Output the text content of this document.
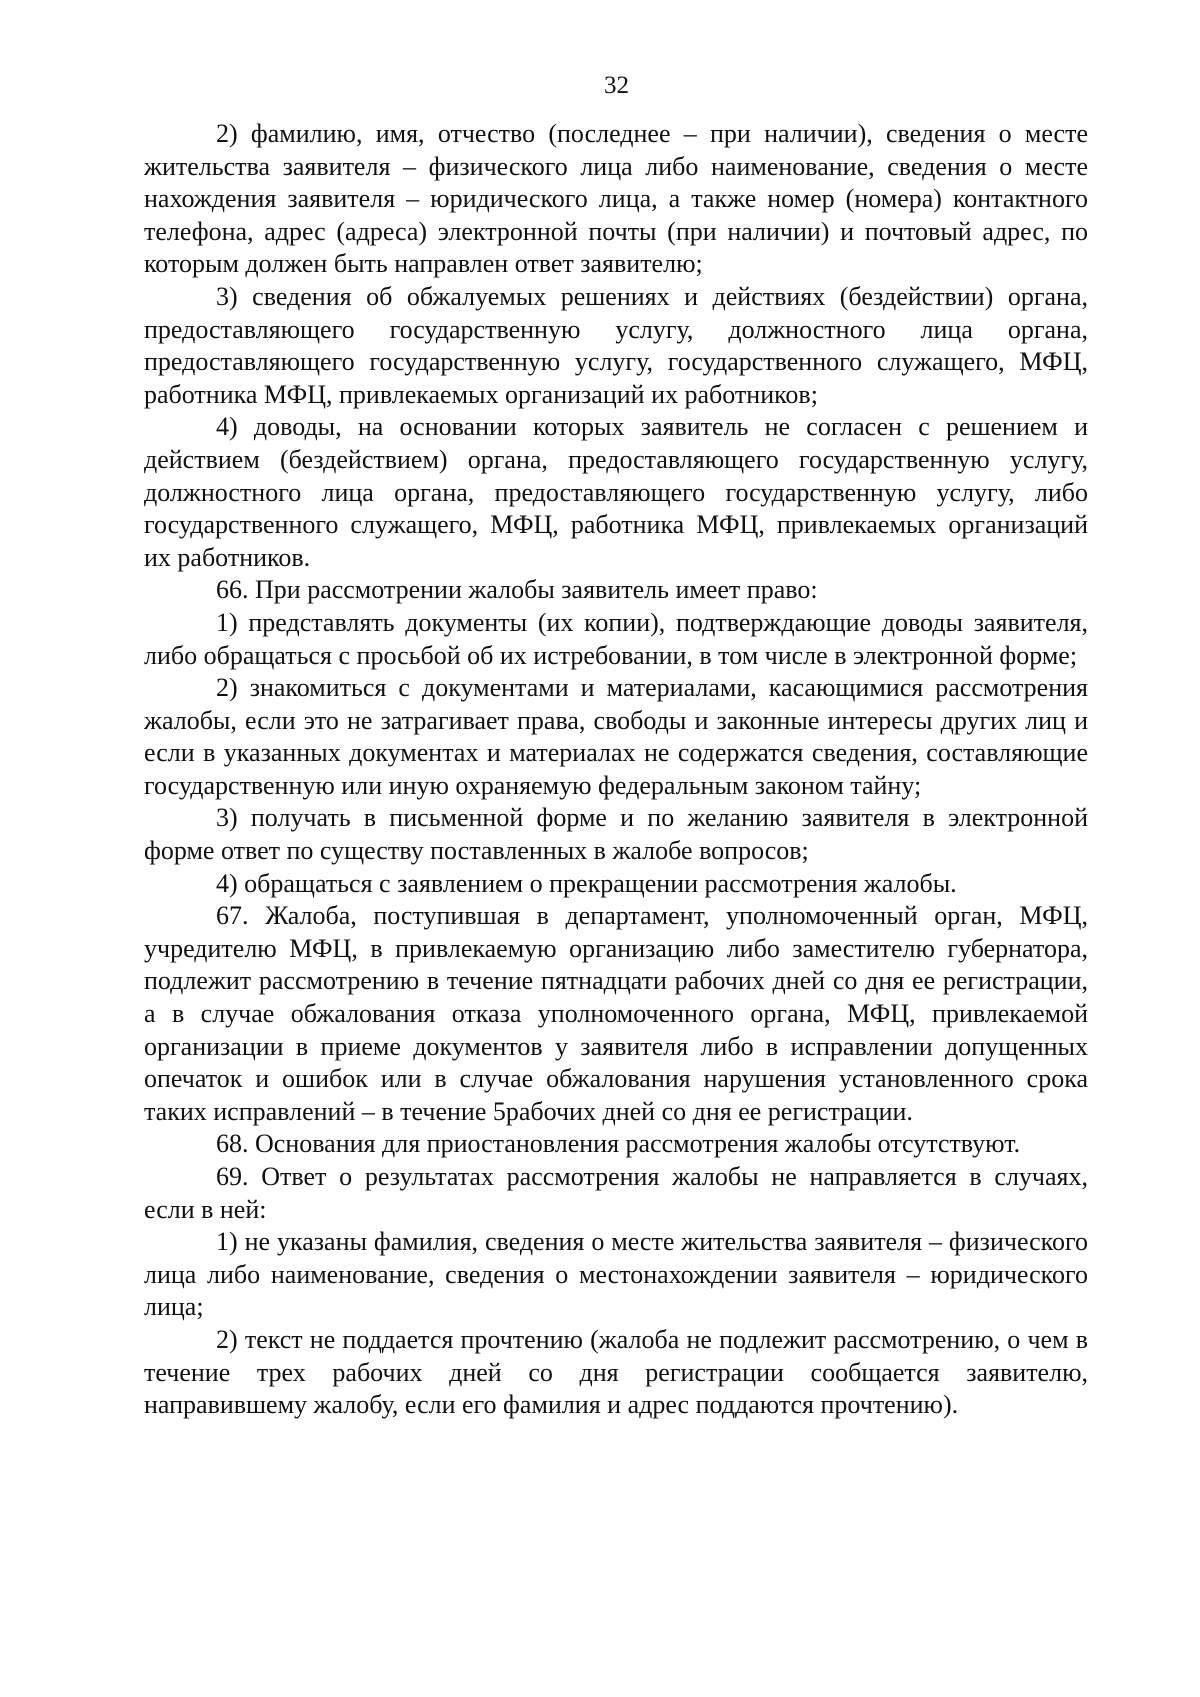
32

2) фамилию, имя, отчество (последнее – при наличии), сведения о месте жительства заявителя – физического лица либо наименование, сведения о месте нахождения заявителя – юридического лица, а также номер (номера) контактного телефона, адрес (адреса) электронной почты (при наличии) и почтовый адрес, по которым должен быть направлен ответ заявителю;

3) сведения об обжалуемых решениях и действиях (бездействии) органа, предоставляющего государственную услугу, должностного лица органа, предоставляющего государственную услугу, государственного служащего, МФЦ, работника МФЦ, привлекаемых организаций их работников;

4) доводы, на основании которых заявитель не согласен с решением и действием (бездействием) органа, предоставляющего государственную услугу, должностного лица органа, предоставляющего государственную услугу, либо государственного служащего, МФЦ, работника МФЦ, привлекаемых организаций их работников.

66. При рассмотрении жалобы заявитель имеет право:

1) представлять документы (их копии), подтверждающие доводы заявителя, либо обращаться с просьбой об их истребовании, в том числе в электронной форме;

2) знакомиться с документами и материалами, касающимися рассмотрения жалобы, если это не затрагивает права, свободы и законные интересы других лиц и если в указанных документах и материалах не содержатся сведения, составляющие государственную или иную охраняемую федеральным законом тайну;

3) получать в письменной форме и по желанию заявителя в электронной форме ответ по существу поставленных в жалобе вопросов;

4) обращаться с заявлением о прекращении рассмотрения жалобы.

67. Жалоба, поступившая в департамент, уполномоченный орган, МФЦ, учредителю МФЦ, в привлекаемую организацию либо заместителю губернатора, подлежит рассмотрению в течение пятнадцати рабочих дней со дня ее регистрации, а в случае обжалования отказа уполномоченного органа, МФЦ, привлекаемой организации в приеме документов у заявителя либо в исправлении допущенных опечаток и ошибок или в случае обжалования нарушения установленного срока таких исправлений – в течение 5рабочих дней со дня ее регистрации.

68. Основания для приостановления рассмотрения жалобы отсутствуют.

69. Ответ о результатах рассмотрения жалобы не направляется в случаях, если в ней:

1) не указаны фамилия, сведения о месте жительства заявителя – физического лица либо наименование, сведения о местонахождении заявителя – юридического лица;

2) текст не поддается прочтению (жалоба не подлежит рассмотрению, о чем в течение трех рабочих дней со дня регистрации сообщается заявителю, направившему жалобу, если его фамилия и адрес поддаются прочтению).
